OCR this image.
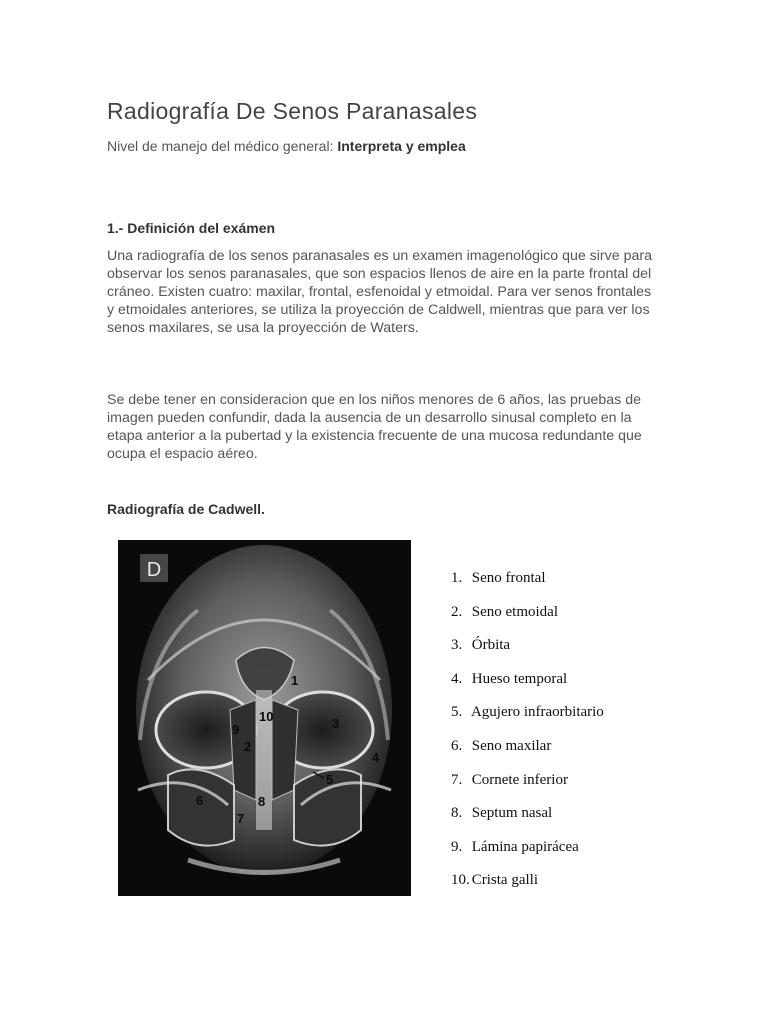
Radiografía De Senos Paranasales
Nivel de manejo del médico general: Interpreta y emplea
1.- Definición del exámen

Una radiografía de los senos paranasales es un examen imagenológico que sirve para observar los senos paranasales, que son espacios llenos de aire en la parte frontal del cráneo. Existen cuatro: maxilar, frontal, esfenoidal y etmoidal. Para ver senos frontales y etmoidales anteriores, se utiliza la proyección de Caldwell, mientras que para ver los senos maxilares, se usa la proyección de Waters.

Se debe tener en consideracion que en los niños menores de 6 años, las pruebas de imagen pueden confundir, dada la ausencia de un desarrollo sinusal completo en la etapa anterior a la pubertad y la existencia frecuente de una mucosa redundante que ocupa el espacio aéreo.

Radiografía de Cadwell.
D
1
2
3
4
5
6
7
8
9
10
1. Seno frontal
2. Seno etmoidal
3. Órbita
4. Hueso temporal
5. Agujero infraorbitario
6. Seno maxilar
7. Cornete inferior
8. Septum nasal
9. Lámina papirácea
10. Crista galli
